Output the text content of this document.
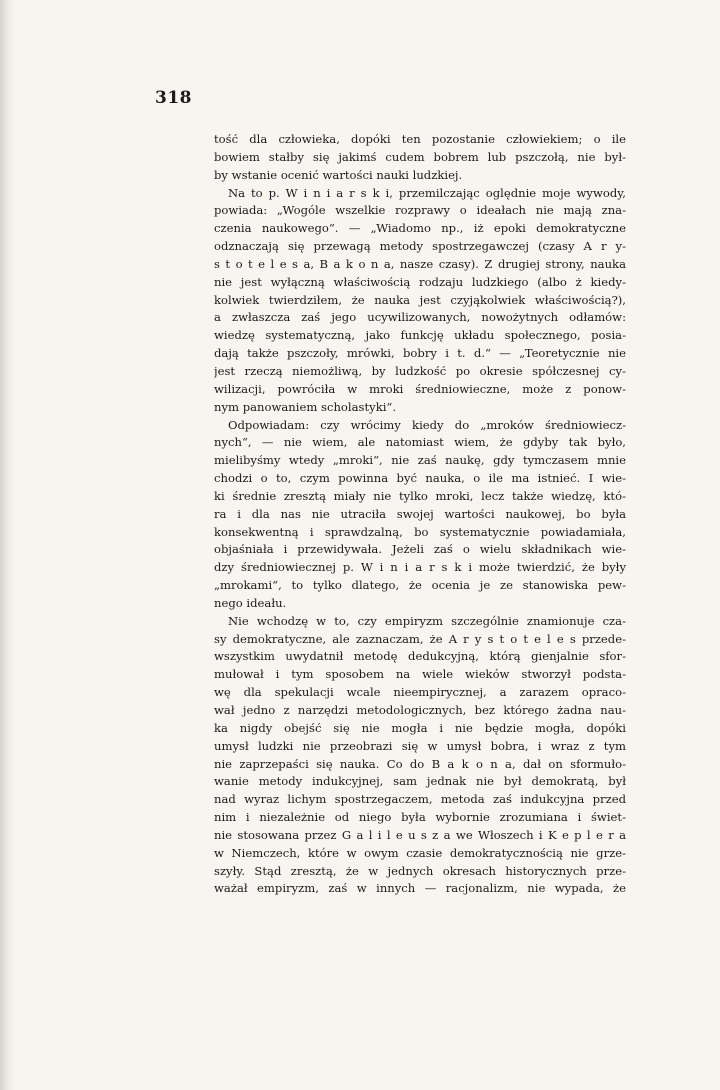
318
tość dla człowieka, dopóki ten pozostanie człowiekiem; o ile
bowiem stałby się jakimś cudem bobrem lub pszczołą, nie był-
by wstanie ocenić wartości nauki ludzkiej.
Na to p. W i n i a r s k i, przemilczając oględnie moje wywody,
powiada: „Wogóle wszelkie rozprawy o ideałach nie mają zna-
czenia naukowego“. — „Wiadomo np., iż epoki demokratyczne
odznaczają się przewagą metody spostrzegawczej (czasy A r y-
s t o t e l e s a, B a k o n a, nasze czasy). Z drugiej strony, nauka
nie jest wyłączną właściwością rodzaju ludzkiego (albo ż kiedy-
kolwiek twierdziłem, że nauka jest czyjąkolwiek właściwością?),
a zwłaszcza zaś jego ucywilizowanych, nowożytnych odłamów:
wiedzę systematyczną, jako funkcję układu społecznego, posia-
dają także pszczoły, mrówki, bobry i t. d.“ — „Teoretycznie nie
jest rzeczą niemożliwą, by ludzkość po okresie spółczesnej cy-
wilizacji, powróciła w mroki średniowieczne, może z ponow-
nym panowaniem scholastyki“.
Odpowiadam: czy wrócimy kiedy do „mroków średniowiecz-
nych“, — nie wiem, ale natomiast wiem, że gdyby tak było,
mielibyśmy wtedy „mroki“, nie zaś naukę, gdy tymczasem mnie
chodzi o to, czym powinna być nauka, o ile ma istnieć. I wie-
ki średnie zresztą miały nie tylko mroki, lecz także wiedzę, któ-
ra i dla nas nie utraciła swojej wartości naukowej, bo była
konsekwentną i sprawdzalną, bo systematycznie powiadamiała,
objaśniała i przewidywała. Jeżeli zaś o wielu składnikach wie-
dzy średniowiecznej p. W i n i a r s k i może twierdzić, że były
„mrokami“, to tylko dlatego, że ocenia je ze stanowiska pew-
nego ideału.
Nie wchodzę w to, czy empiryzm szczególnie znamionuje cza-
sy demokratyczne, ale zaznaczam, że A r y s t o t e l e s przede-
wszystkim uwydatnił metodę dedukcyjną, którą gienjalnie sfor-
mułował i tym sposobem na wiele wieków stworzył podsta-
wę dla spekulacji wcale nieempirycznej, a zarazem opraco-
wał jedno z narzędzi metodologicznych, bez którego żadna nau-
ka nigdy obejść się nie mogła i nie będzie mogła, dopóki
umysł ludzki nie przeobrazi się w umysł bobra, i wraz z tym
nie zaprzepaści się nauka. Co do B a k o n a, dał on sformuło-
wanie metody indukcyjnej, sam jednak nie był demokratą, był
nad wyraz lichym spostrzegaczem, metoda zaś indukcyjna przed
nim i niezależnie od niego była wybornie zrozumiana i świet-
nie stosowana przez G a l i l e u s z a we Włoszech i K e p l e r a
w Niemczech, które w owym czasie demokratycznością nie grze-
szyły. Stąd zresztą, że w jednych okresach historycznych prze-
ważał empiryzm, zaś w innych — racjonalizm, nie wypada, że
